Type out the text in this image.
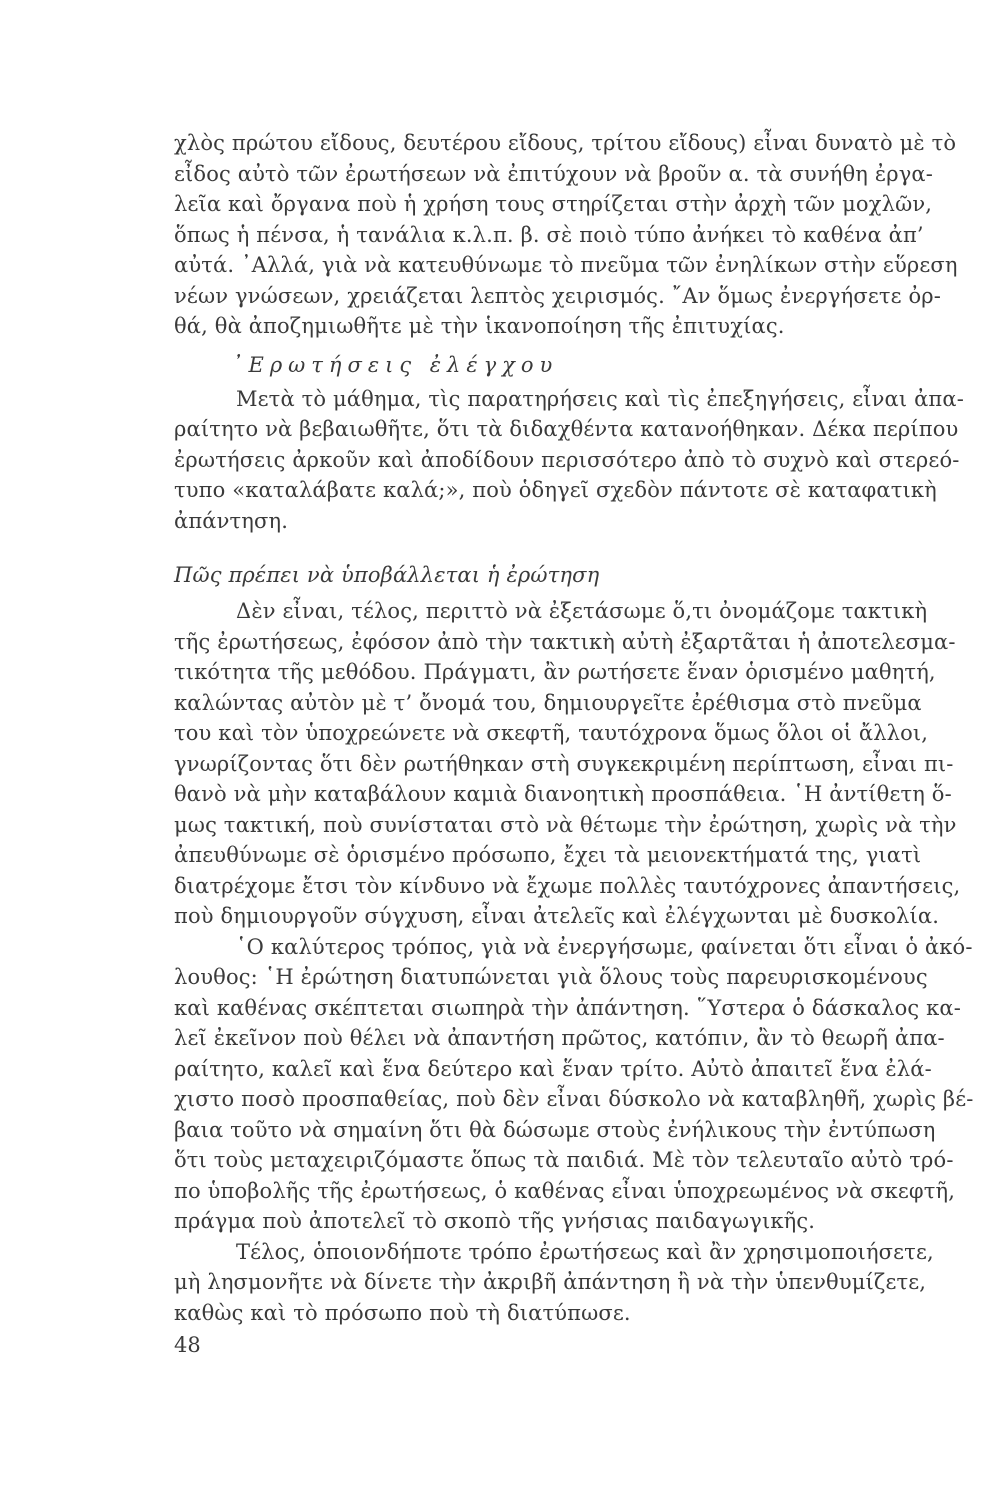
χλὸς πρώτου εἴδους, δευτέρου εἴδους, τρίτου εἴδους) εἶναι δυνατὸ μὲ τὸ
εἶδος αὐτὸ τῶν ἐρωτήσεων νὰ ἐπιτύχουν νὰ βροῦν α. τὰ συνήθη ἐργα-
λεῖα καὶ ὄργανα ποὺ ἡ χρήση τους στηρίζεται στὴν ἀρχὴ τῶν μοχλῶν,
ὅπως ἡ πένσα, ἡ τανάλια κ.λ.π. β. σὲ ποιὸ τύπο ἀνήκει τὸ καθένα ἀπ’
αὐτά. ᾿Αλλά, γιὰ νὰ κατευθύνωμε τὸ πνεῦμα τῶν ἐνηλίκων στὴν εὕρεση
νέων γνώσεων, χρειάζεται λεπτὸς χειρισμός. ῎Αν ὅμως ἐνεργήσετε ὀρ-
θά, θὰ ἀποζημιωθῆτε μὲ τὴν ἱκανοποίηση τῆς ἐπιτυχίας.
᾿Ερωτήσεις ἐλέγχου
Μετὰ τὸ μάθημα, τὶς παρατηρήσεις καὶ τὶς ἐπεξηγήσεις, εἶναι ἀπα-
ραίτητο νὰ βεβαιωθῆτε, ὅτι τὰ διδαχθέντα κατανοήθηκαν. Δέκα περίπου
ἐρωτήσεις ἀρκοῦν καὶ ἀποδίδουν περισσότερο ἀπὸ τὸ συχνὸ καὶ στερεό-
τυπο «καταλάβατε καλά;», ποὺ ὁδηγεῖ σχεδὸν πάντοτε σὲ καταφατικὴ
ἀπάντηση.
Πῶς πρέπει νὰ ὑποβάλλεται ἡ ἐρώτηση
Δὲν εἶναι, τέλος, περιττὸ νὰ ἐξετάσωμε ὅ,τι ὀνομάζομε τακτικὴ
τῆς ἐρωτήσεως, ἐφόσον ἀπὸ τὴν τακτικὴ αὐτὴ ἐξαρτᾶται ἡ ἀποτελεσμα-
τικότητα τῆς μεθόδου. Πράγματι, ἂν ρωτήσετε ἕναν ὁρισμένο μαθητή,
καλώντας αὐτὸν μὲ τ’ ὄνομά του, δημιουργεῖτε ἐρέθισμα στὸ πνεῦμα
του καὶ τὸν ὑποχρεώνετε νὰ σκεφτῆ, ταυτόχρονα ὅμως ὅλοι οἱ ἄλλοι,
γνωρίζοντας ὅτι δὲν ρωτήθηκαν στὴ συγκεκριμένη περίπτωση, εἶναι πι-
θανὸ νὰ μὴν καταβάλουν καμιὰ διανοητικὴ προσπάθεια. ῾Η ἀντίθετη ὅ-
μως τακτική, ποὺ συνίσταται στὸ νὰ θέτωμε τὴν ἐρώτηση, χωρὶς νὰ τὴν
ἀπευθύνωμε σὲ ὁρισμένο πρόσωπο, ἔχει τὰ μειονεκτήματά της, γιατὶ
διατρέχομε ἔτσι τὸν κίνδυνο νὰ ἔχωμε πολλὲς ταυτόχρονες ἀπαντήσεις,
ποὺ δημιουργοῦν σύγχυση, εἶναι ἀτελεῖς καὶ ἐλέγχωνται μὲ δυσκολία.
῾Ο καλύτερος τρόπος, γιὰ νὰ ἐνεργήσωμε, φαίνεται ὅτι εἶναι ὁ ἀκό-
λουθος: ῾Η ἐρώτηση διατυπώνεται γιὰ ὅλους τοὺς παρευρισκομένους
καὶ καθένας σκέπτεται σιωπηρὰ τὴν ἀπάντηση. ῞Υστερα ὁ δάσκαλος κα-
λεῖ ἐκεῖνον ποὺ θέλει νὰ ἀπαντήση πρῶτος, κατόπιν, ἂν τὸ θεωρῆ ἀπα-
ραίτητο, καλεῖ καὶ ἕνα δεύτερο καὶ ἕναν τρίτο. Αὐτὸ ἀπαιτεῖ ἕνα ἐλά-
χιστο ποσὸ προσπαθείας, ποὺ δὲν εἶναι δύσκολο νὰ καταβληθῆ, χωρὶς βέ-
βαια τοῦτο νὰ σημαίνη ὅτι θὰ δώσωμε στοὺς ἐνήλικους τὴν ἐντύπωση
ὅτι τοὺς μεταχειριζόμαστε ὅπως τὰ παιδιά. Μὲ τὸν τελευταῖο αὐτὸ τρό-
πο ὑποβολῆς τῆς ἐρωτήσεως, ὁ καθένας εἶναι ὑποχρεωμένος νὰ σκεφτῆ,
πράγμα ποὺ ἀποτελεῖ τὸ σκοπὸ τῆς γνήσιας παιδαγωγικῆς.
Τέλος, ὁποιονδήποτε τρόπο ἐρωτήσεως καὶ ἂν χρησιμοποιήσετε,
μὴ λησμονῆτε νὰ δίνετε τὴν ἀκριβῆ ἀπάντηση ἢ νὰ τὴν ὑπενθυμίζετε,
καθὼς καὶ τὸ πρόσωπο ποὺ τὴ διατύπωσε.
48
